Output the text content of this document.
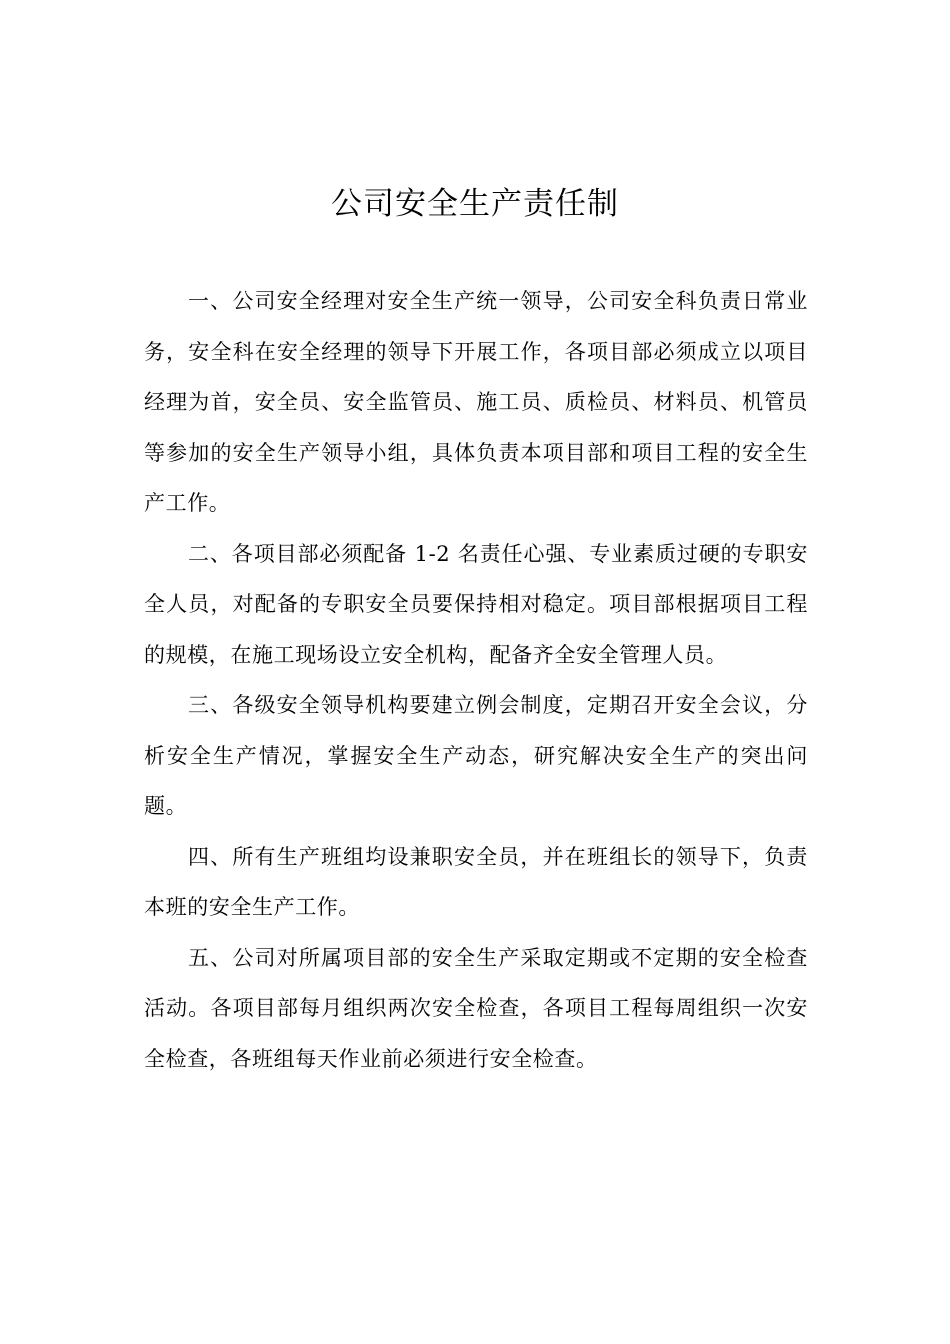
公司安全生产责任制

一、公司安全经理对安全生产统一领导，公司安全科负责日常业务，安全科在安全经理的领导下开展工作，各项目部必须成立以项目经理为首，安全员、安全监管员、施工员、质检员、材料员、机管员等参加的安全生产领导小组，具体负责本项目部和项目工程的安全生产工作。

二、各项目部必须配备 1-2 名责任心强、专业素质过硬的专职安全人员，对配备的专职安全员要保持相对稳定。项目部根据项目工程的规模，在施工现场设立安全机构，配备齐全安全管理人员。

三、各级安全领导机构要建立例会制度，定期召开安全会议，分析安全生产情况，掌握安全生产动态，研究解决安全生产的突出问题。

四、所有生产班组均设兼职安全员，并在班组长的领导下，负责本班的安全生产工作。

五、公司对所属项目部的安全生产采取定期或不定期的安全检查活动。各项目部每月组织两次安全检查，各项目工程每周组织一次安全检查，各班组每天作业前必须进行安全检查。
